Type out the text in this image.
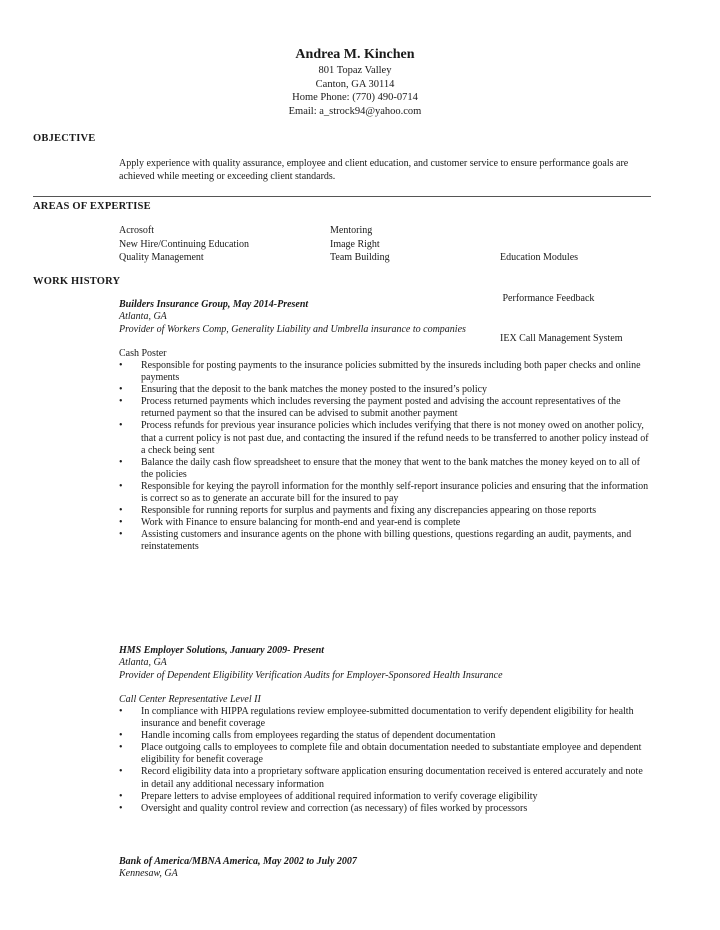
Andrea M. Kinchen
801 Topaz Valley
Canton, GA 30114
Home Phone: (770) 490-0714
Email: a_strock94@yahoo.com
OBJECTIVE
Apply experience with quality assurance, employee and client education, and customer service to ensure performance goals are achieved while meeting or exceeding client standards.
AREAS OF EXPERTISE
Acrosoft
New Hire/Continuing Education
Quality Management
Mentoring
Image Right
Team Building

	Education Modules

Performance Feedback

IEX Call Management System

WORK HISTORY
Builders Insurance Group, May 2014-Present
Atlanta, GA
Provider of Workers Comp, Generality Liability and Umbrella insurance to companies
Cash Poster
• Responsible for posting payments to the insurance policies submitted by the insureds including both paper checks and online payments
• Ensuring that the deposit to the bank matches the money posted to the insured’s policy
• Process returned payments which includes reversing the payment posted and advising the account representatives of the returned payment so that the insured can be advised to submit another payment
• Process refunds for previous year insurance policies which includes verifying that there is not money owed on another policy, that a current policy is not past due, and contacting the insured if the refund needs to be transferred to another policy instead of a check being sent
• Balance the daily cash flow spreadsheet to ensure that the money that went to the bank matches the money keyed on to all of the policies
• Responsible for keying the payroll information for the monthly self-report insurance policies and ensuring that the information is correct so as to generate an accurate bill for the insured to pay
• Responsible for running reports for surplus and payments and fixing any discrepancies appearing on those reports
• Work with Finance to ensure balancing for month-end and year-end is complete
• Assisting customers and insurance agents on the phone with billing questions, questions regarding an audit, payments, and reinstatements
HMS Employer Solutions, January 2009- Present
Atlanta, GA
Provider of Dependent Eligibility Verification Audits for Employer-Sponsored Health Insurance
Call Center Representative Level II
• In compliance with HIPPA regulations review employee-submitted documentation to verify dependent eligibility for health insurance and benefit coverage
• Handle incoming calls from employees regarding the status of dependent documentation
• Place outgoing calls to employees to complete file and obtain documentation needed to substantiate employee and dependent eligibility for benefit coverage
• Record eligibility data into a proprietary software application ensuring documentation received is entered accurately and note in detail any additional necessary information
• Prepare letters to advise employees of additional required information to verify coverage eligibility
• Oversight and quality control review and correction (as necessary) of files worked by processors
Bank of America/MBNA America, May 2002 to July 2007
Kennesaw, GA
